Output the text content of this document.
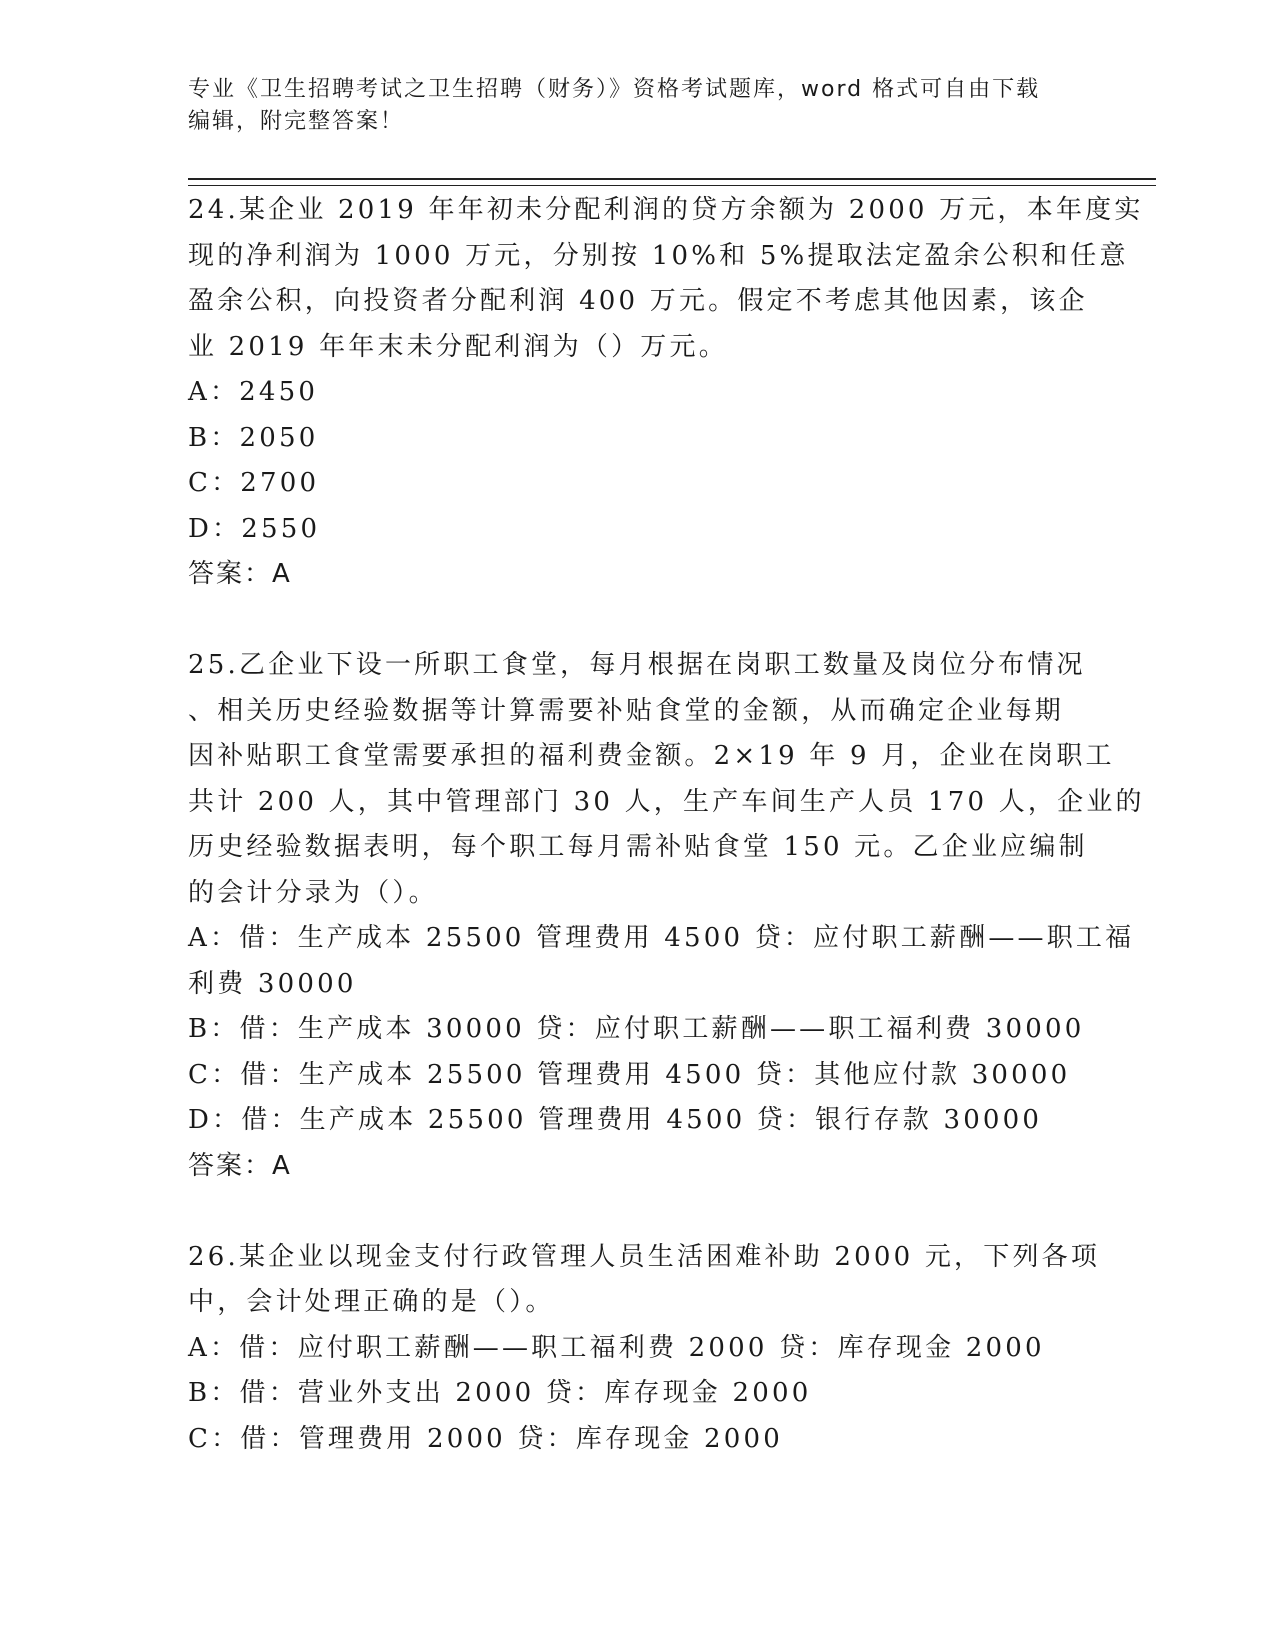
专业《卫生招聘考试之卫生招聘（财务）》资格考试题库，word 格式可自由下载
编辑，附完整答案！
24.某企业 2019 年年初未分配利润的贷方余额为 2000 万元，本年度实
现的净利润为 1000 万元，分别按 10%和 5%提取法定盈余公积和任意
盈余公积，向投资者分配利润 400 万元。假定不考虑其他因素，该企
业 2019 年年末未分配利润为（）万元。
A：2450
B：2050
C：2700
D：2550
答案：A
25.乙企业下设一所职工食堂，每月根据在岗职工数量及岗位分布情况
、相关历史经验数据等计算需要补贴食堂的金额，从而确定企业每期
因补贴职工食堂需要承担的福利费金额。2×19 年 9 月，企业在岗职工
共计 200 人，其中管理部门 30 人，生产车间生产人员 170 人，企业的
历史经验数据表明，每个职工每月需补贴食堂 150 元。乙企业应编制
的会计分录为（）。
A：借：生产成本 25500 管理费用 4500 贷：应付职工薪酬——职工福
利费 30000
B：借：生产成本 30000 贷：应付职工薪酬——职工福利费 30000
C：借：生产成本 25500 管理费用 4500 贷：其他应付款 30000
D：借：生产成本 25500 管理费用 4500 贷：银行存款 30000
答案：A
26.某企业以现金支付行政管理人员生活困难补助 2000 元，下列各项
中，会计处理正确的是（）。
A：借：应付职工薪酬——职工福利费 2000 贷：库存现金 2000
B：借：营业外支出 2000 贷：库存现金 2000
C：借：管理费用 2000 贷：库存现金 2000
